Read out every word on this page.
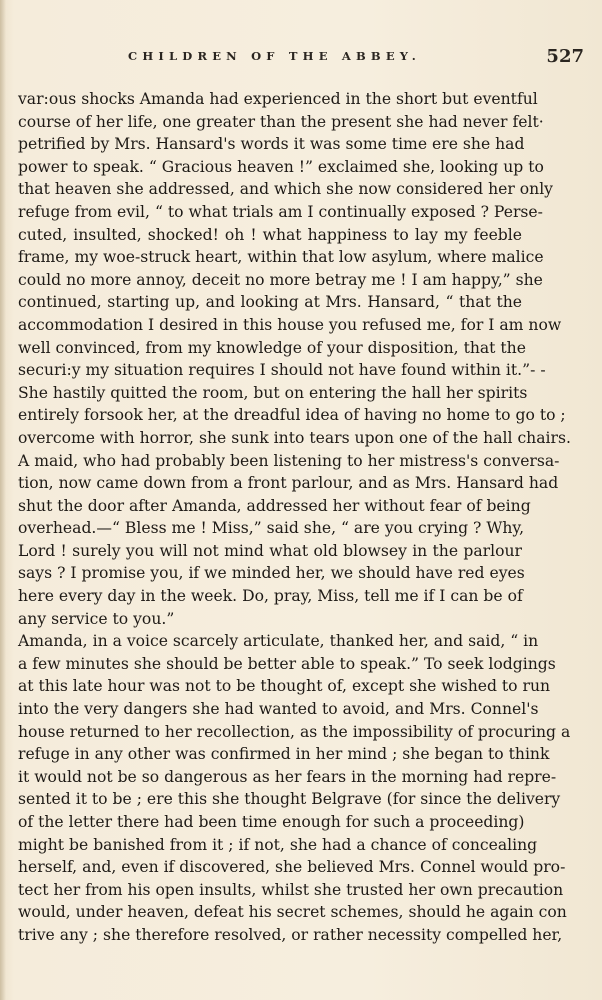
CHILDREN OF THE ABBEY.	527
var:ous shocks Amanda had experienced in the short but eventful
course of her life, one greater than the present she had never felt·
petrified by Mrs. Hansard's words it was some time ere she had
power to speak. “ Gracious heaven !” exclaimed she, looking up to
that heaven she addressed, and which she now considered her only
refuge from evil, “ to what trials am I continually exposed ? Perse-
cuted, insulted, shocked! oh ! what happiness to lay my feeble
frame, my woe-struck heart, within that low asylum, where malice
could no more annoy, deceit no more betray me ! I am happy,” she
continued, starting up, and looking at Mrs. Hansard, “ that the
accommodation I desired in this house you refused me, for I am now
well convinced, from my knowledge of your disposition, that the
securi:y my situation requires I should not have found within it.”- -
She hastily quitted the room, but on entering the hall her spirits
entirely forsook her, at the dreadful idea of having no home to go to ;
overcome with horror, she sunk into tears upon one of the hall chairs.
A maid, who had probably been listening to her mistress's conversa-
tion, now came down from a front parlour, and as Mrs. Hansard had
shut the door after Amanda, addressed her without fear of being
overhead.—“ Bless me ! Miss,” said she, “ are you crying ? Why,
Lord ! surely you will not mind what old blowsey in the parlour
says ? I promise you, if we minded her, we should have red eyes
here every day in the week. Do, pray, Miss, tell me if I can be of
any service to you.”
Amanda, in a voice scarcely articulate, thanked her, and said, “ in
a few minutes she should be better able to speak.” To seek lodgings
at this late hour was not to be thought of, except she wished to run
into the very dangers she had wanted to avoid, and Mrs. Connel's
house returned to her recollection, as the impossibility of procuring a
refuge in any other was confirmed in her mind ; she began to think
it would not be so dangerous as her fears in the morning had repre-
sented it to be ; ere this she thought Belgrave (for since the delivery
of the letter there had been time enough for such a proceeding)
might be banished from it ; if not, she had a chance of concealing
herself, and, even if discovered, she believed Mrs. Connel would pro-
tect her from his open insults, whilst she trusted her own precaution
would, under heaven, defeat his secret schemes, should he again con
trive any ; she therefore resolved, or rather necessity compelled her,
